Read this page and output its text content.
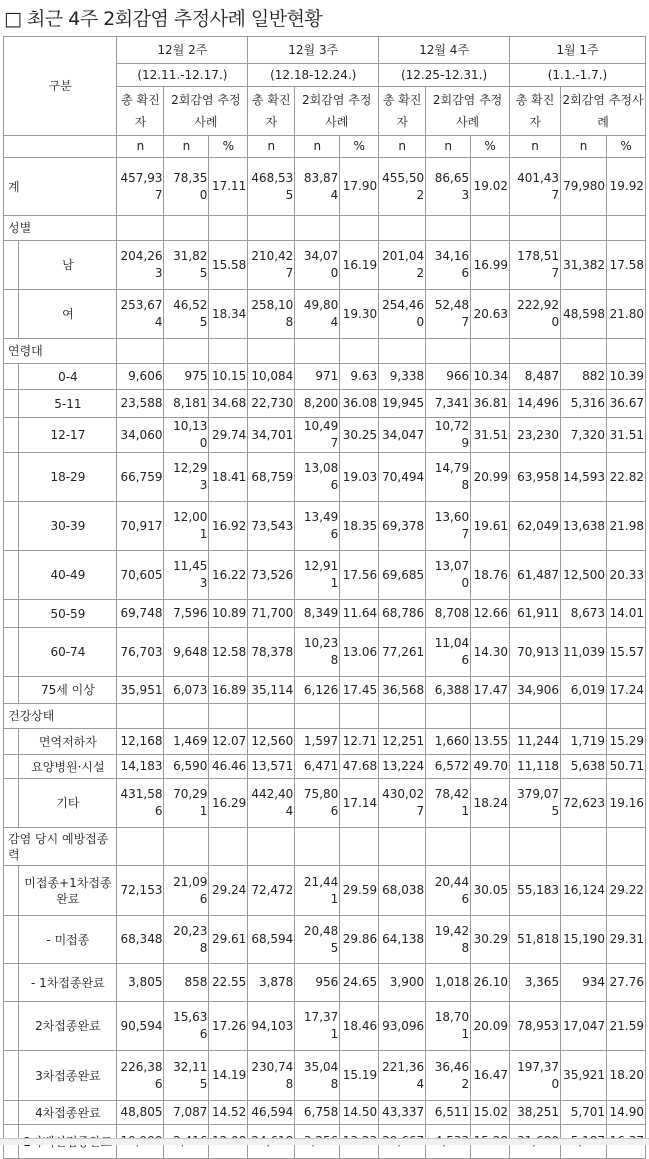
□ 최근 4주 2회감염 추정사례 일반현황
구분		12월 2주			12월 3주			12월 4주			1월 1주		
		(12.11.-12.17.)			(12.18-12.24.)			(12.25-12.31.)			(1.1.-1.7.)		
		총 확진자	2회감염 추정사례		총 확진자	2회감염 추정사례		총 확진자	2회감염 추정사례		총 확진자	2회감염 추정사례	
		n	n	%	n	n	%	n	n	%	n	n	%
계		457,937	78,350	17.11	468,535	83,874	17.90	455,502	86,653	19.02	401,437	79,980	19.92
성별													
	남	204,263	31,825	15.58	210,427	34,070	16.19	201,042	34,166	16.99	178,517	31,382	17.58
	여	253,674	46,525	18.34	258,108	49,804	19.30	254,460	52,487	20.63	222,920	48,598	21.80
연령대													
	0-4	9,606	975	10.15	10,084	971	9.63	9,338	966	10.34	8,487	882	10.39
	5-11	23,588	8,181	34.68	22,730	8,200	36.08	19,945	7,341	36.81	14,496	5,316	36.67
	12-17	34,060	10,130	29.74	34,701	10,497	30.25	34,047	10,729	31.51	23,230	7,320	31.51
	18-29	66,759	12,293	18.41	68,759	13,086	19.03	70,494	14,798	20.99	63,958	14,593	22.82
	30-39	70,917	12,001	16.92	73,543	13,496	18.35	69,378	13,607	19.61	62,049	13,638	21.98
	40-49	70,605	11,453	16.22	73,526	12,911	17.56	69,685	13,070	18.76	61,487	12,500	20.33
	50-59	69,748	7,596	10.89	71,700	8,349	11.64	68,786	8,708	12.66	61,911	8,673	14.01
	60-74	76,703	9,648	12.58	78,378	10,238	13.06	77,261	11,046	14.30	70,913	11,039	15.57
	75세 이상	35,951	6,073	16.89	35,114	6,126	17.45	36,568	6,388	17.47	34,906	6,019	17.24
건강상태													
	면역저하자	12,168	1,469	12.07	12,560	1,597	12.71	12,251	1,660	13.55	11,244	1,719	15.29
	요양병원·시설	14,183	6,590	46.46	13,571	6,471	47.68	13,224	6,572	49.70	11,118	5,638	50.71
	기타	431,586	70,291	16.29	442,404	75,806	17.14	430,027	78,421	18.24	379,075	72,623	19.16
감염 당시 예방접종력													
	미접종+1차접종완료	72,153	21,096	29.24	72,472	21,441	29.59	68,038	20,446	30.05	55,183	16,124	29.22
	- 미접종	68,348	20,238	29.61	68,594	20,485	29.86	64,138	19,428	30.29	51,818	15,190	29.31
	- 1차접종완료	3,805	858	22.55	3,878	956	24.65	3,900	1,018	26.10	3,365	934	27.76
	2차접종완료	90,594	15,636	17.26	94,103	17,371	18.46	93,096	18,701	20.09	78,953	17,047	21.59
	3차접종완료	226,386	32,115	14.19	230,748	35,048	15.19	221,364	36,462	16.47	197,370	35,921	18.20
	4차접종완료	48,805	7,087	14.52	46,594	6,758	14.50	43,337	6,511	15.02	38,251	5,701	14.90
